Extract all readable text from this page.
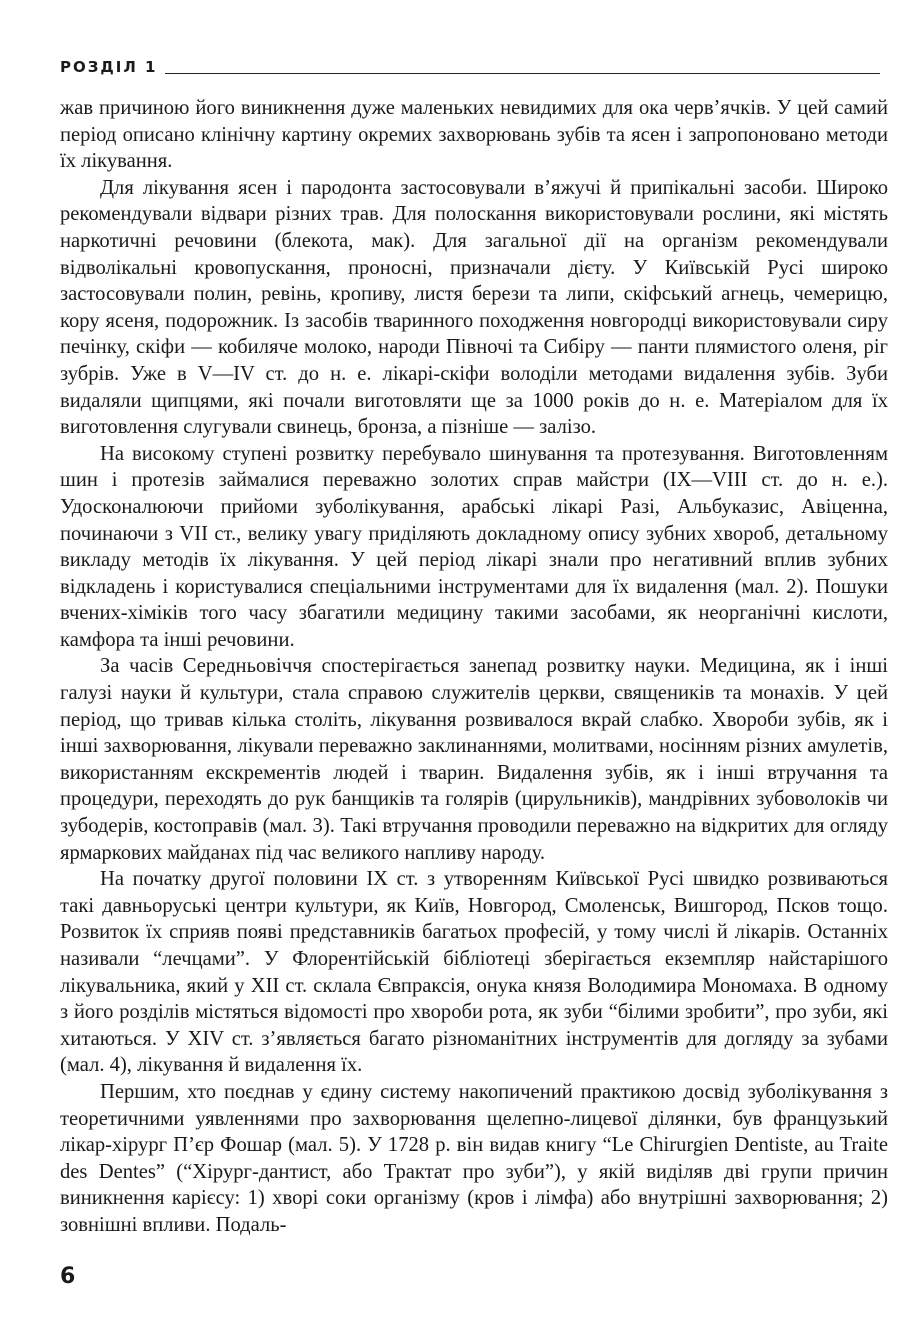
РОЗДІЛ 1

жав причиною його виникнення дуже маленьких невидимих для ока черв’ячків. У цей самий період описано клінічну картину окремих захворювань зубів та ясен і запропоновано методи їх лікування.

Для лікування ясен і пародонта застосовували в’яжучі й припікальні засоби. Широко рекомендували відвари різних трав. Для полоскання використовували рослини, які містять наркотичні речовини (блекота, мак). Для загальної дії на організм рекомендували відволікальні кровопускання, проносні, призначали дієту. У Київській Русі широко застосовували полин, ревінь, кропиву, листя берези та липи, скіфський агнець, чемерицю, кору ясеня, подорожник. Із засобів тваринного походження новгородці використовували сиру печінку, скіфи — кобиляче молоко, народи Півночі та Сибіру — панти плямистого оленя, ріг зубрів. Уже в V—IV ст. до н. е. лікарі-скіфи володіли методами видалення зубів. Зуби видаляли щипцями, які почали виготовляти ще за 1000 років до н. е. Матеріалом для їх виготовлення слугували свинець, бронза, а пізніше — залізо.

На високому ступені розвитку перебувало шинування та протезування. Виготовленням шин і протезів займалися переважно золотих справ майстри (IX—VIII ст. до н. е.). Удосконалюючи прийоми зуболікування, арабські лікарі Разі, Альбуказис, Авіценна, починаючи з VII ст., велику увагу приділяють докладному опису зубних хвороб, детальному викладу методів їх лікування. У цей період лікарі знали про негативний вплив зубних відкладень і користувалися спеціальними інструментами для їх видалення (мал. 2). Пошуки вчених-хіміків того часу збагатили медицину такими засобами, як неорганічні кислоти, камфора та інші речовини.

За часів Середньовіччя спостерігається занепад розвитку науки. Медицина, як і інші галузі науки й культури, стала справою служителів церкви, священиків та монахів. У цей період, що тривав кілька століть, лікування розвивалося вкрай слабко. Хвороби зубів, як і інші захворювання, лікували переважно заклинаннями, молитвами, носінням різних амулетів, використанням екскрементів людей і тварин. Видалення зубів, як і інші втручання та процедури, переходять до рук банщиків та голярів (цирульників), мандрівних зубоволоків чи зубодерів, костоправів (мал. 3). Такі втручання проводили переважно на відкритих для огляду ярмаркових майданах під час великого напливу народу.

На початку другої половини IX ст. з утворенням Київської Русі швидко розвиваються такі давньоруські центри культури, як Київ, Новгород, Смоленськ, Вишгород, Псков тощо. Розвиток їх сприяв появі представників багатьох професій, у тому числі й лікарів. Останніх називали “лечцами”. У Флорентійській бібліотеці зберігається екземпляр найстарішого лікувальника, який у XII ст. склала Євпраксія, онука князя Володимира Мономаха. В одному з його розділів містяться відомості про хвороби рота, як зуби “білими зробити”, про зуби, які хитаються. У XIV ст. з’являється багато різноманітних інструментів для догляду за зубами (мал. 4), лікування й видалення їх.

Першим, хто поєднав у єдину систему накопичений практикою досвід зуболікування з теоретичними уявленнями про захворювання щелепно-лицевої ділянки, був французький лікар-хірург П’єр Фошар (мал. 5). У 1728 р. він видав книгу “Le Chirurgien Dentiste, au Traite des Dentes” (“Хірург-дантист, або Трактат про зуби”), у якій виділяв дві групи причин виникнення карієсу: 1) хворі соки організму (кров і лімфа) або внутрішні захворювання; 2) зовнішні впливи. Подаль-

6
